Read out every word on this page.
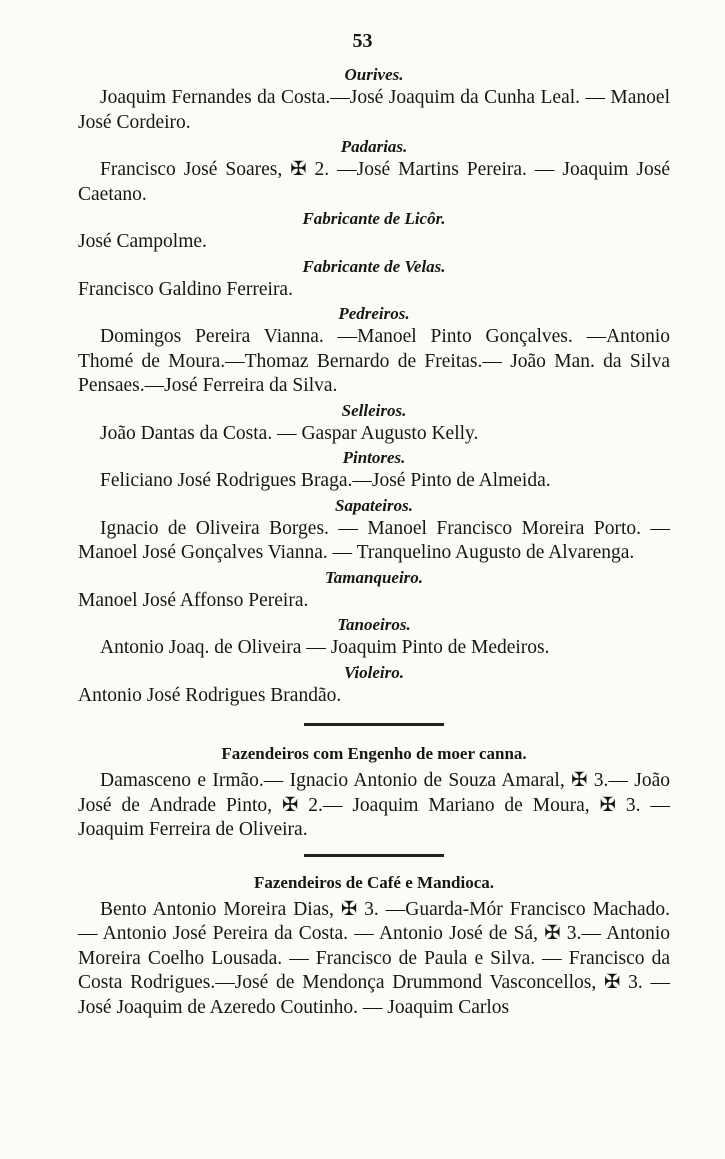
53

Ourives.

Joaquim Fernandes da Costa.—José Joaquim da Cunha Leal. — Manoel José Cordeiro.

Padarias.

Francisco José Soares, ✠ 2. —José Martins Pereira. — Joaquim José Caetano.

Fabricante de Licôr.

José Campolme.

Fabricante de Velas.

Francisco Galdino Ferreira.

Pedreiros.

Domingos Pereira Vianna. —Manoel Pinto Gonçalves. —Antonio Thomé de Moura.—Thomaz Bernardo de Freitas.— João Man. da Silva Pensaes.—José Ferreira da Silva.

Selleiros.

João Dantas da Costa. — Gaspar Augusto Kelly.

Pintores.

Feliciano José Rodrigues Braga.—José Pinto de Almeida.

Sapateiros.

Ignacio de Oliveira Borges. — Manoel Francisco Moreira Porto. — Manoel José Gonçalves Vianna. — Tranquelino Augusto de Alvarenga.

Tamanqueiro.

Manoel José Affonso Pereira.

Tanoeiros.

Antonio Joaq. de Oliveira — Joaquim Pinto de Medeiros.

Violeiro.

Antonio José Rodrigues Brandão.

Fazendeiros com Engenho de moer canna.

Damasceno e Irmão.— Ignacio Antonio de Souza Amaral, ✠ 3.— João José de Andrade Pinto, ✠ 2.— Joaquim Mariano de Moura, ✠ 3. — Joaquim Ferreira de Oliveira.

Fazendeiros de Café e Mandioca.

Bento Antonio Moreira Dias, ✠ 3. —Guarda-Mór Francisco Machado. — Antonio José Pereira da Costa. — Antonio José de Sá, ✠ 3.— Antonio Moreira Coelho Lousada. — Francisco de Paula e Silva. — Francisco da Costa Rodrigues.—José de Mendonça Drummond Vasconcellos, ✠ 3. — José Joaquim de Azeredo Coutinho. — Joaquim Carlos
